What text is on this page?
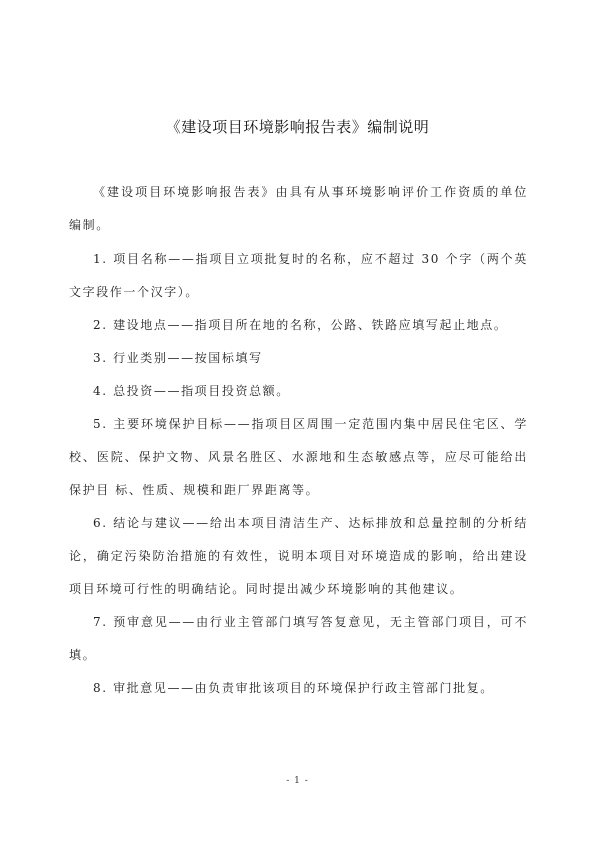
《建设项目环境影响报告表》编制说明

《建设项目环境影响报告表》由具有从事环境影响评价工作资质的单位编制。

1. 项目名称——指项目立项批复时的名称，应不超过 30 个字（两个英文字段作一个汉字）。

2. 建设地点——指项目所在地的名称，公路、铁路应填写起止地点。

3. 行业类别——按国标填写

4. 总投资——指项目投资总额。

5. 主要环境保护目标——指项目区周围一定范围内集中居民住宅区、学校、医院、保护文物、风景名胜区、水源地和生态敏感点等，应尽可能给出保护目 标、性质、规模和距厂界距离等。

6. 结论与建议——给出本项目清洁生产、达标排放和总量控制的分析结论，确定污染防治措施的有效性，说明本项目对环境造成的影响，给出建设项目环境可行性的明确结论。同时提出减少环境影响的其他建议。

7. 预审意见——由行业主管部门填写答复意见，无主管部门项目，可不填。

8. 审批意见——由负责审批该项目的环境保护行政主管部门批复。

- 1 -
